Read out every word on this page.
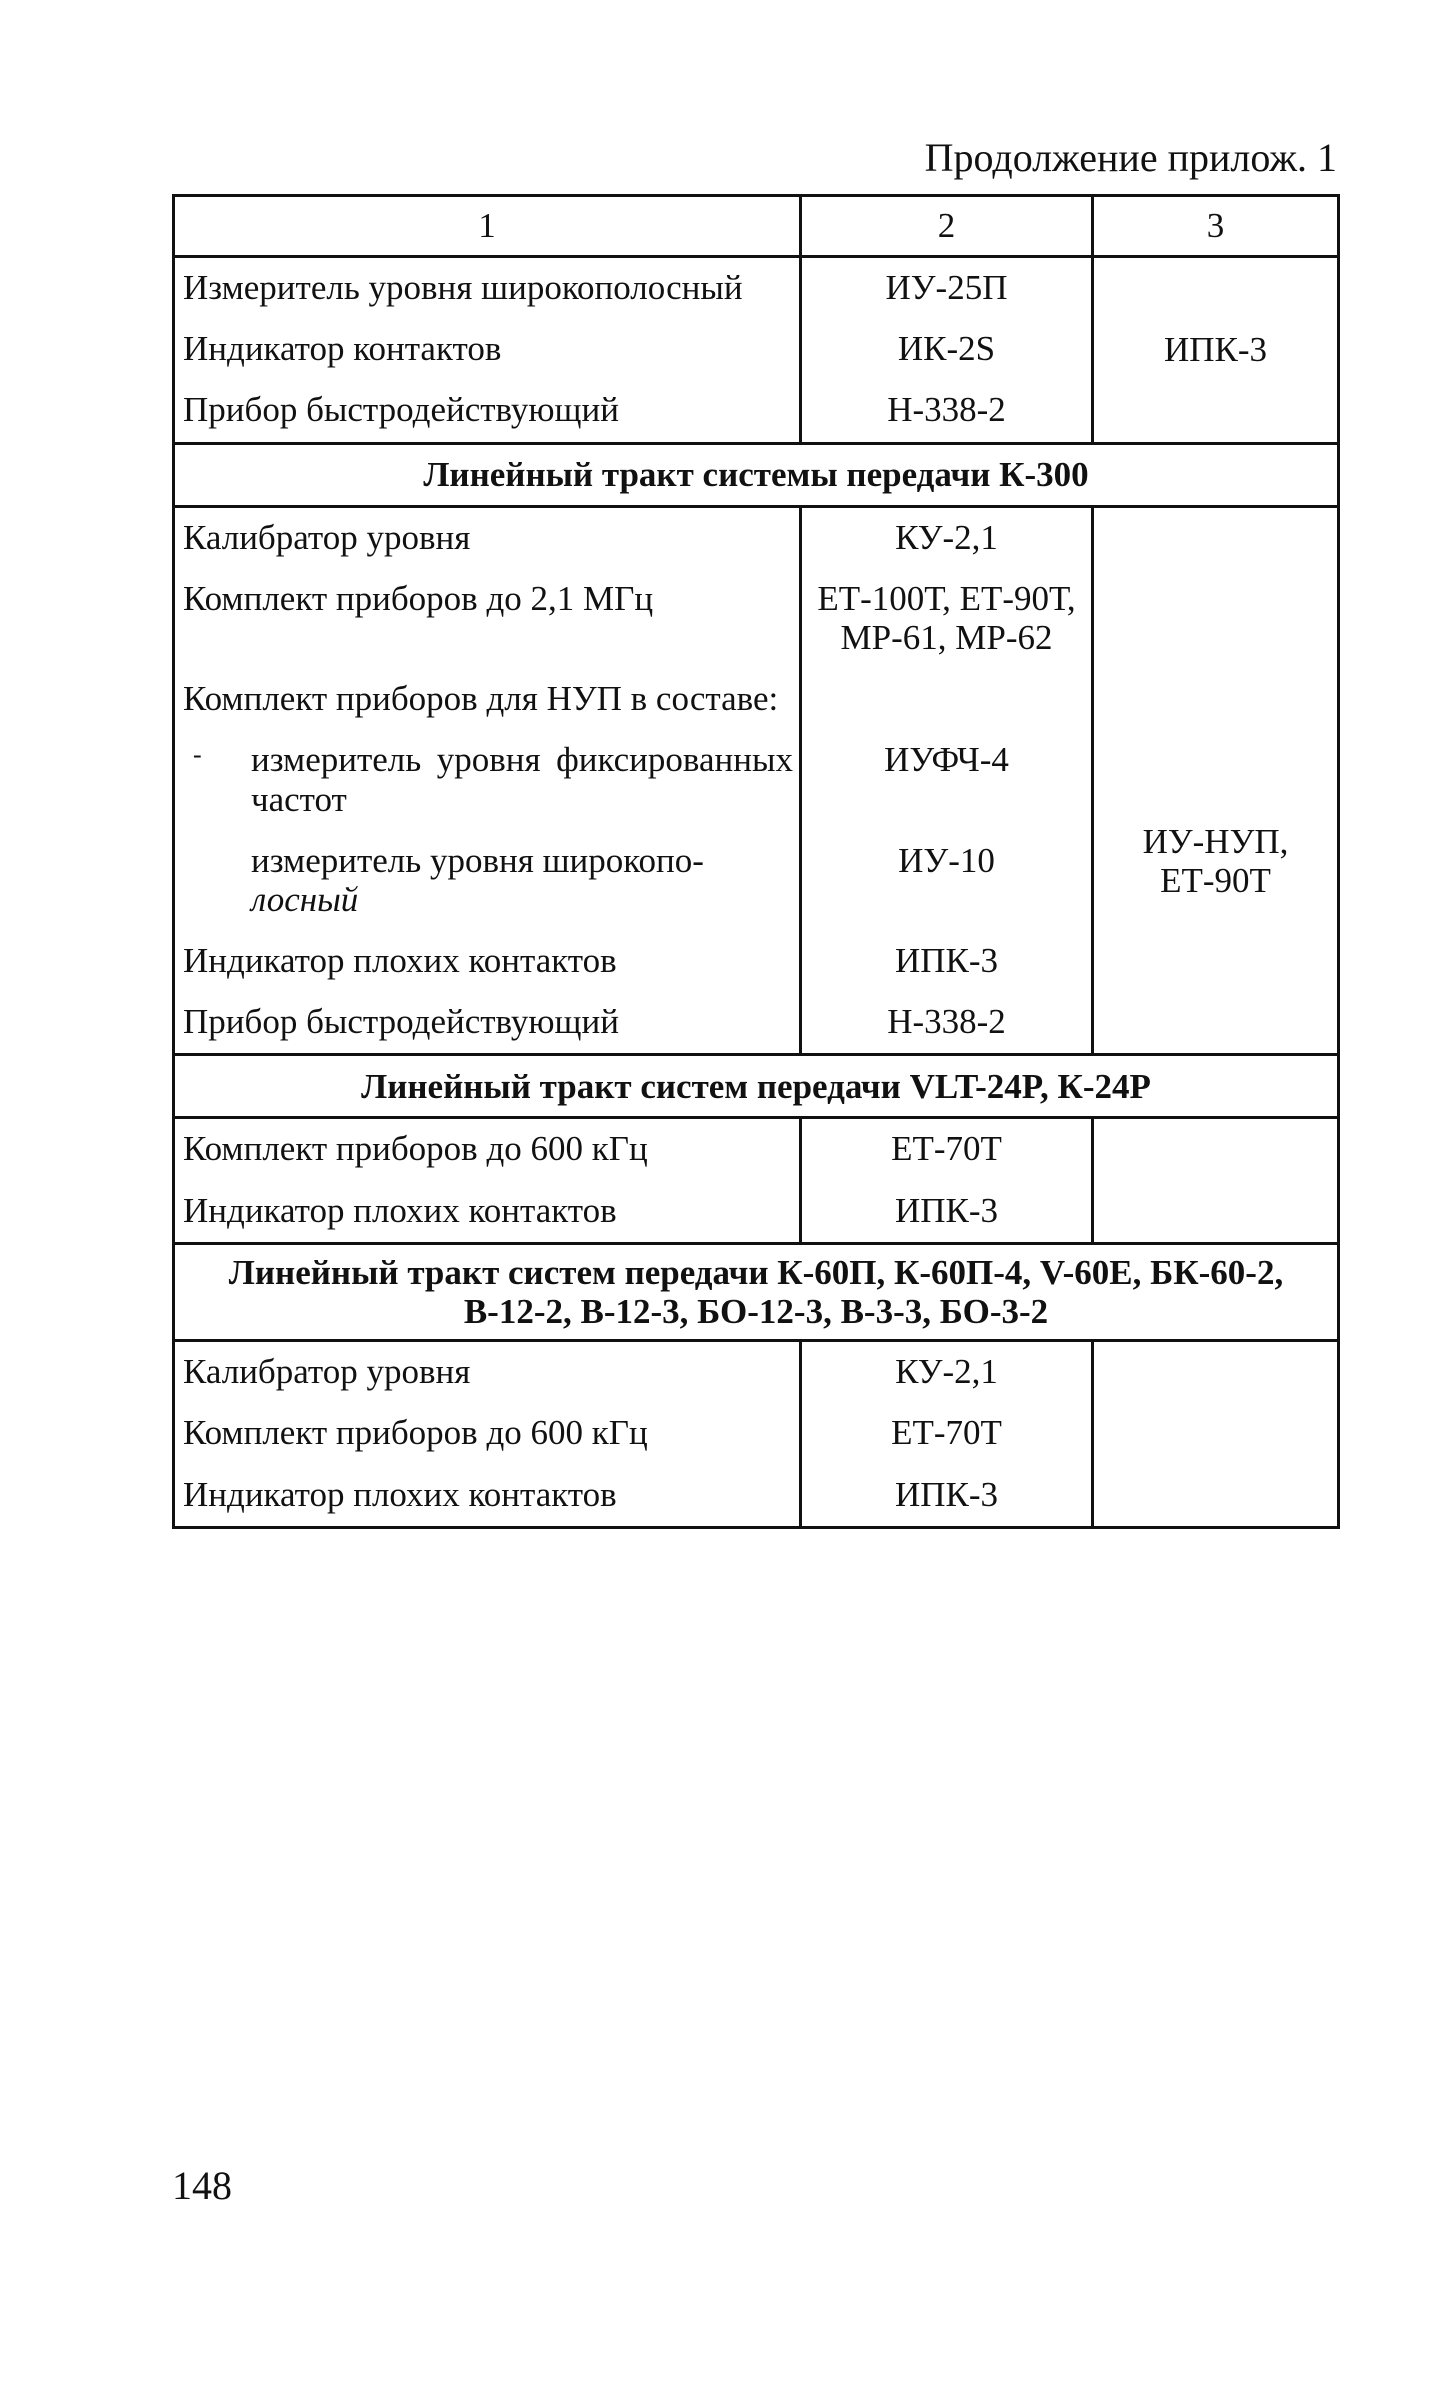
Продолжение прилож. 1
1	2	3
Измеритель уровня широкополосный	ИУ-25П	ИПК-3
Индикатор контактов	ИК-2S	
Прибор быстродействующий	Н-338-2	
Линейный тракт системы передачи К-300		
Калибратор уровня	КУ-2,1	ИУ-НУП, ЕТ-90Т

Комплект приборов до 2,1 МГц	ЕТ-100Т, ЕТ-90Т, МР-61, МР-62	
Комплект приборов для НУП в составе:		

- измеритель уровня фиксированных частот	ИУФЧ-4	

измеритель уровня широкопо-
лосный	ИУ-10	
Индикатор плохих контактов	ИПК-3	
Прибор быстродействующий	Н-338-2	
Линейный тракт систем передачи VLT-24P, К-24Р		
Комплект приборов до 600 кГц	ЕТ-70Т	
Индикатор плохих контактов	ИПК-3	
Линейный тракт систем передачи К-60П, К-60П-4, V-60Е, БК-60-2, В-12-2, В-12-3, БО-12-3, В-3-3, БО-3-2		
Калибратор уровня	КУ-2,1	
Комплект приборов до 600 кГц	ЕТ-70Т	
Индикатор плохих контактов	ИПК-3	
148
